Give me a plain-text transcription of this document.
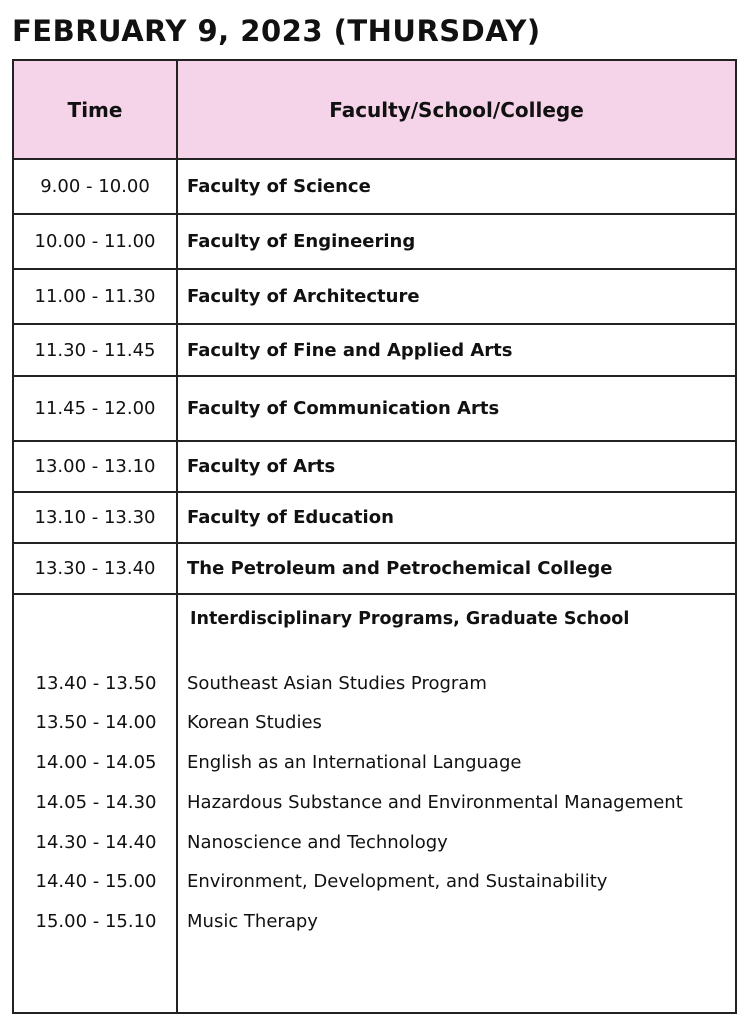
FEBRUARY 9, 2023 (THURSDAY)
Time	Faculty/School/College
9.00 - 10.00	Faculty of Science
10.00 - 11.00	Faculty of Engineering
11.00 - 11.30	Faculty of Architecture
11.30 - 11.45	Faculty of Fine and Applied Arts
11.45 - 12.00	Faculty of Communication Arts
13.00 - 13.10	Faculty of Arts
13.10 - 13.30	Faculty of Education
13.30 - 13.40	The Petroleum and Petrochemical College
Interdisciplinary Programs, Graduate School
13.40 - 13.50	Southeast Asian Studies Program
13.50 - 14.00	Korean Studies
14.00 - 14.05	English as an International Language
14.05 - 14.30	Hazardous Substance and Environmental Management
14.30 - 14.40	Nanoscience and Technology
14.40 - 15.00	Environment, Development, and Sustainability
15.00 - 15.10	Music Therapy
